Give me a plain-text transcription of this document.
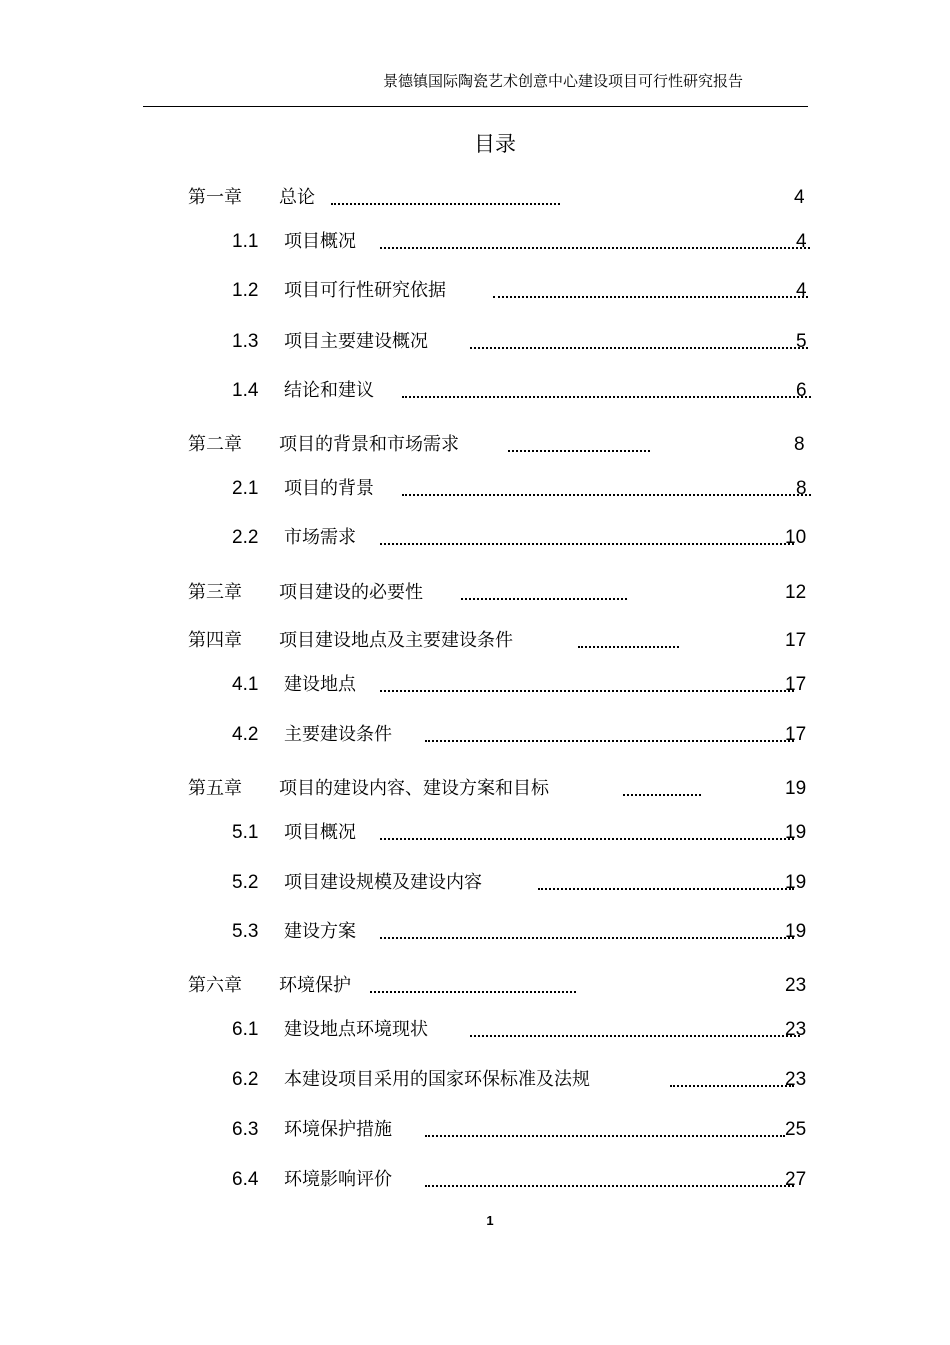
景德镇国际陶瓷艺术创意中心建设项目可行性研究报告
目录
第一章 总论	4
1.1 项目概况	4
1.2 项目可行性研究依据	4
1.3 项目主要建设概况	5
1.4 结论和建议	6
第二章 项目的背景和市场需求	8
2.1 项目的背景	8
2.2 市场需求	10
第三章 项目建设的必要性	12
第四章 项目建设地点及主要建设条件	17
4.1 建设地点	17
4.2 主要建设条件	17
第五章 项目的建设内容、建设方案和目标	19
5.1 项目概况	19
5.2 项目建设规模及建设内容	19
5.3 建设方案	19
第六章 环境保护	23
6.1 建设地点环境现状	23
6.2 本建设项目采用的国家环保标准及法规	23
6.3 环境保护措施	25
6.4 环境影响评价	27
1
